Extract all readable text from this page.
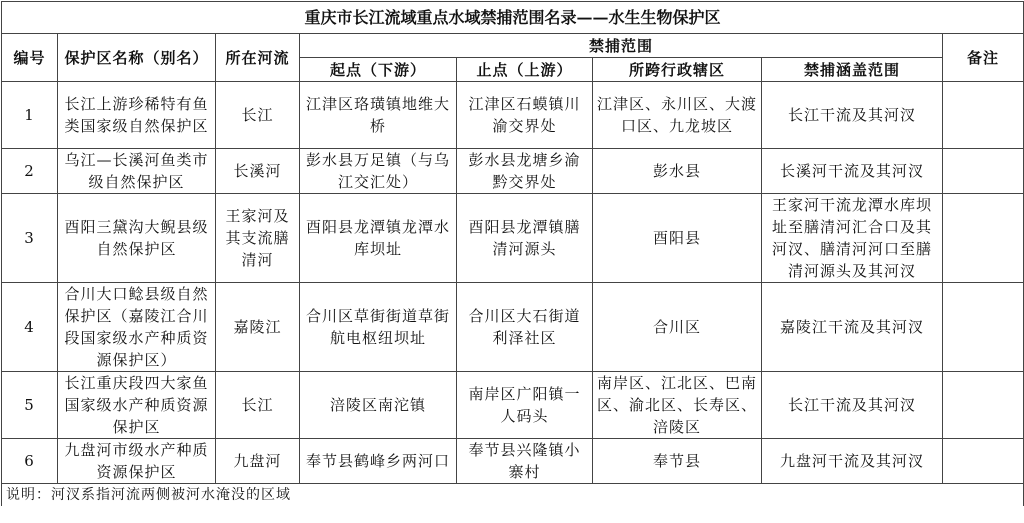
重庆市长江流域重点水域禁捕范围名录——水生生物保护区							
编号	保护区名称（别名）	所在河流	禁捕范围				备注
			起点（下游）	止点（上游）	所跨行政辖区	禁捕涵盖范围	
1	长江上游珍稀特有鱼类国家级自然保护区	长江	江津区珞璜镇地维大桥	江津区石蟆镇川渝交界处	江津区、永川区、大渡口区、九龙坡区	长江干流及其河汊	
2	乌江—长溪河鱼类市级自然保护区	长溪河	彭水县万足镇（与乌江交汇处）	彭水县龙塘乡渝黔交界处	彭水县	长溪河干流及其河汊	
3	酉阳三黛沟大鲵县级自然保护区	王家河及其支流膳清河	酉阳县龙潭镇龙潭水库坝址	酉阳县龙潭镇膳清河源头	酉阳县	王家河干流龙潭水库坝址至膳清河汇合口及其河汊、膳清河河口至膳清河源头及其河汊	
4	合川大口鲶县级自然保护区（嘉陵江合川段国家级水产种质资源保护区）	嘉陵江	合川区草街街道草街航电枢纽坝址	合川区大石街道利泽社区	合川区	嘉陵江干流及其河汊	
5	长江重庆段四大家鱼国家级水产种质资源保护区	长江	涪陵区南沱镇	南岸区广阳镇一人码头	南岸区、江北区、巴南区、渝北区、长寿区、涪陵区	长江干流及其河汊	
6	九盘河市级水产种质资源保护区	九盘河	奉节县鹤峰乡两河口	奉节县兴隆镇小寨村	奉节县	九盘河干流及其河汊	
说明：河汊系指河流两侧被河水淹没的区域							
